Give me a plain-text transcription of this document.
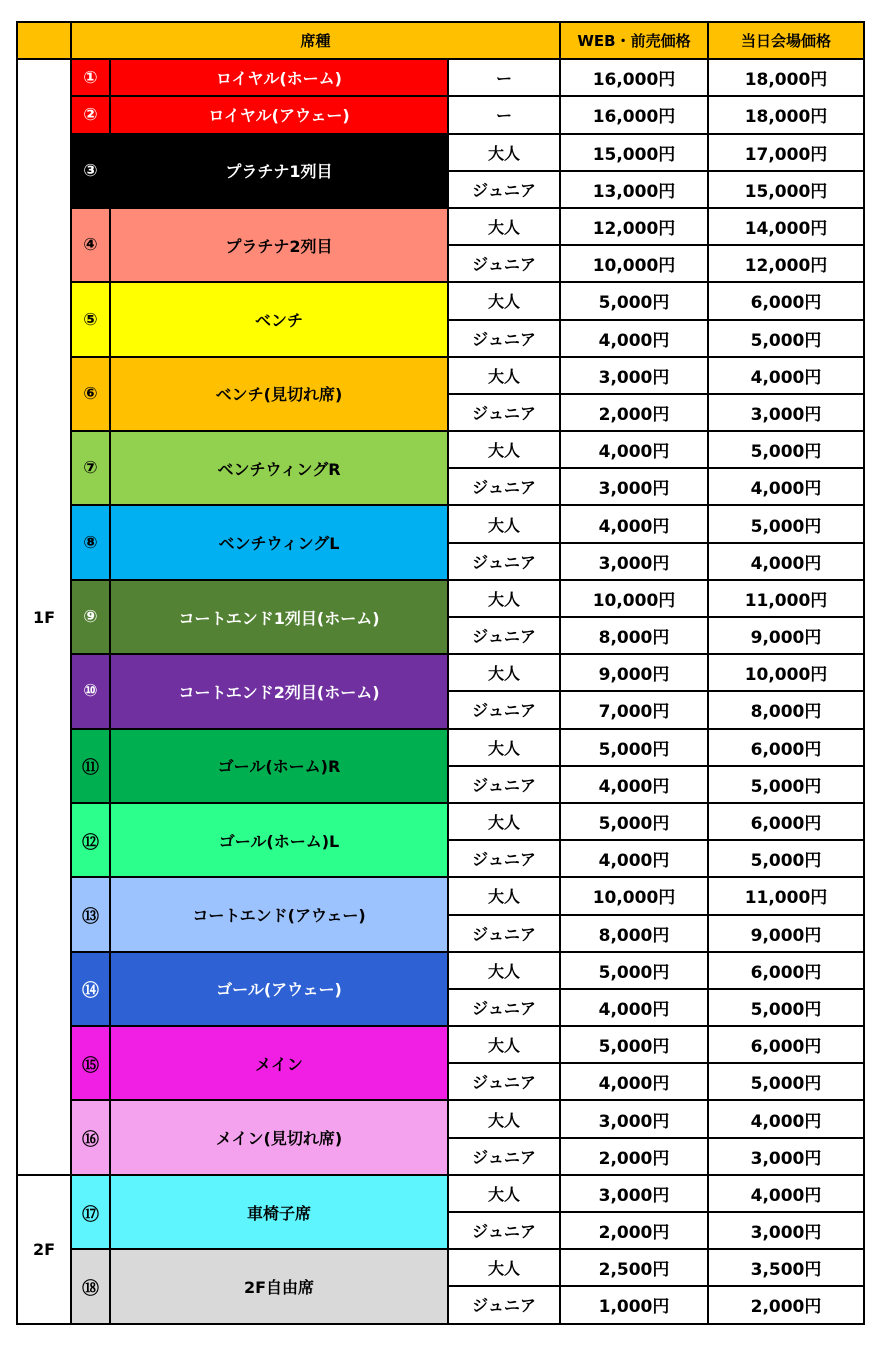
	席種			WEB・前売価格	当日会場価格
1F	①	ロイヤル(ホーム)	ー	16,000円	18,000円
	②	ロイヤル(アウェー)	ー	16,000円	18,000円
	③	プラチナ1列目	大人	15,000円	17,000円
			ジュニア	13,000円	15,000円
	④	プラチナ2列目	大人	12,000円	14,000円
			ジュニア	10,000円	12,000円
	⑤	ベンチ	大人	5,000円	6,000円
			ジュニア	4,000円	5,000円
	⑥	ベンチ(見切れ席)	大人	3,000円	4,000円
			ジュニア	2,000円	3,000円
	⑦	ベンチウィングR	大人	4,000円	5,000円
			ジュニア	3,000円	4,000円
	⑧	ベンチウィングL	大人	4,000円	5,000円
			ジュニア	3,000円	4,000円
	⑨	コートエンド1列目(ホーム)	大人	10,000円	11,000円
			ジュニア	8,000円	9,000円
	⑩	コートエンド2列目(ホーム)	大人	9,000円	10,000円
			ジュニア	7,000円	8,000円
	⑪	ゴール(ホーム)R	大人	5,000円	6,000円
			ジュニア	4,000円	5,000円
	⑫	ゴール(ホーム)L	大人	5,000円	6,000円
			ジュニア	4,000円	5,000円
	⑬	コートエンド(アウェー)	大人	10,000円	11,000円
			ジュニア	8,000円	9,000円
	⑭	ゴール(アウェー)	大人	5,000円	6,000円
			ジュニア	4,000円	5,000円
	⑮	メイン	大人	5,000円	6,000円
			ジュニア	4,000円	5,000円
	⑯	メイン(見切れ席)	大人	3,000円	4,000円
			ジュニア	2,000円	3,000円
2F	⑰	車椅子席	大人	3,000円	4,000円
			ジュニア	2,000円	3,000円
	⑱	2F自由席	大人	2,500円	3,500円
			ジュニア	1,000円	2,000円
